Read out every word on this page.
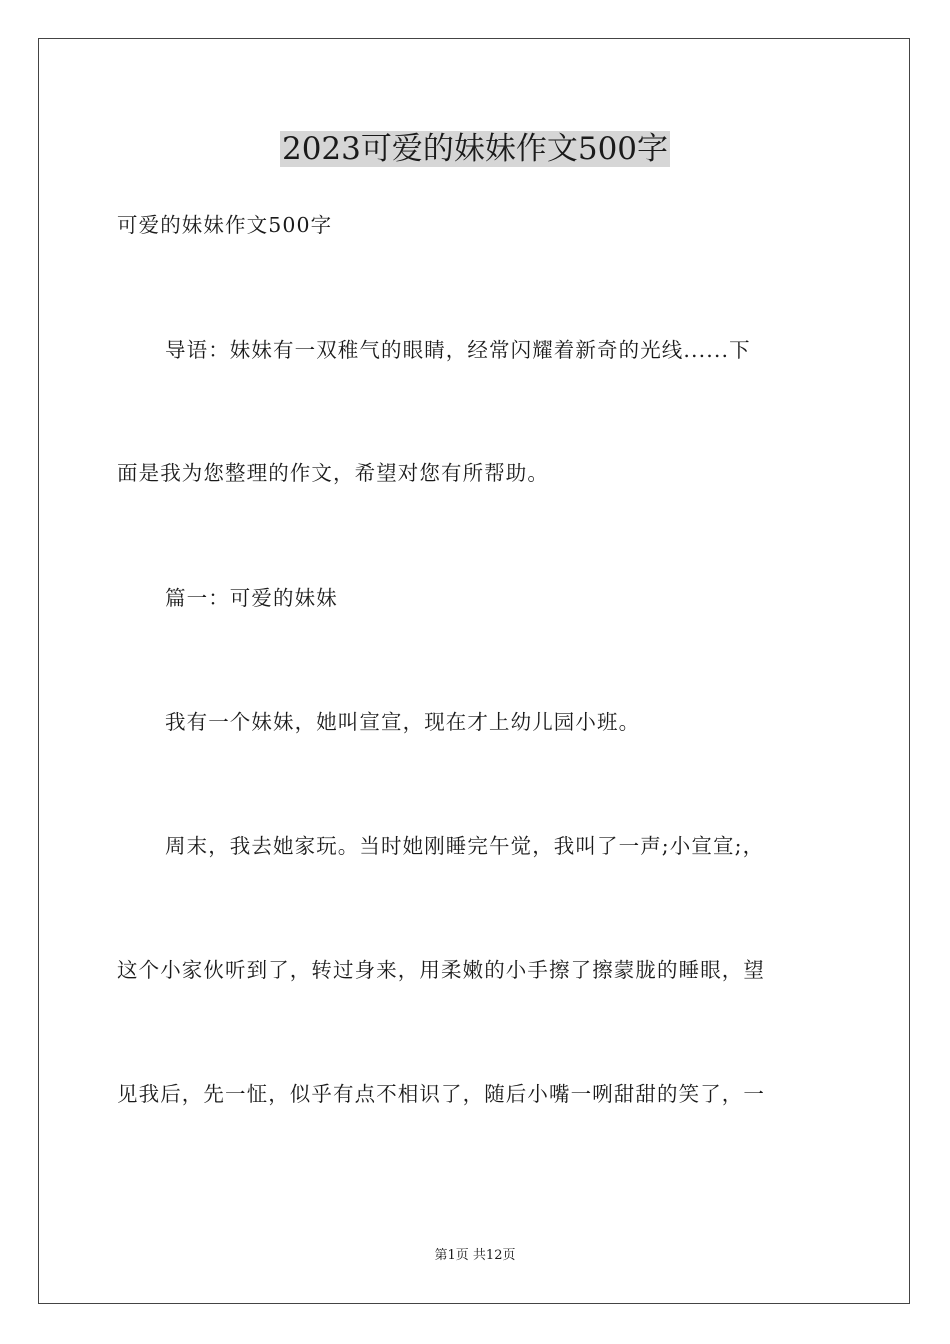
2023可爱的妹妹作文500字
可爱的妹妹作文500字
导语：妹妹有一双稚气的眼睛，经常闪耀着新奇的光线......下
面是我为您整理的作文，希望对您有所帮助。
篇一：可爱的妹妹
我有一个妹妹，她叫宣宣，现在才上幼儿园小班。
周末，我去她家玩。当时她刚睡完午觉，我叫了一声;小宣宣;，
这个小家伙听到了，转过身来，用柔嫩的小手擦了擦蒙胧的睡眼，望
见我后，先一怔，似乎有点不相识了，随后小嘴一咧甜甜的笑了，一
第1页 共12页
